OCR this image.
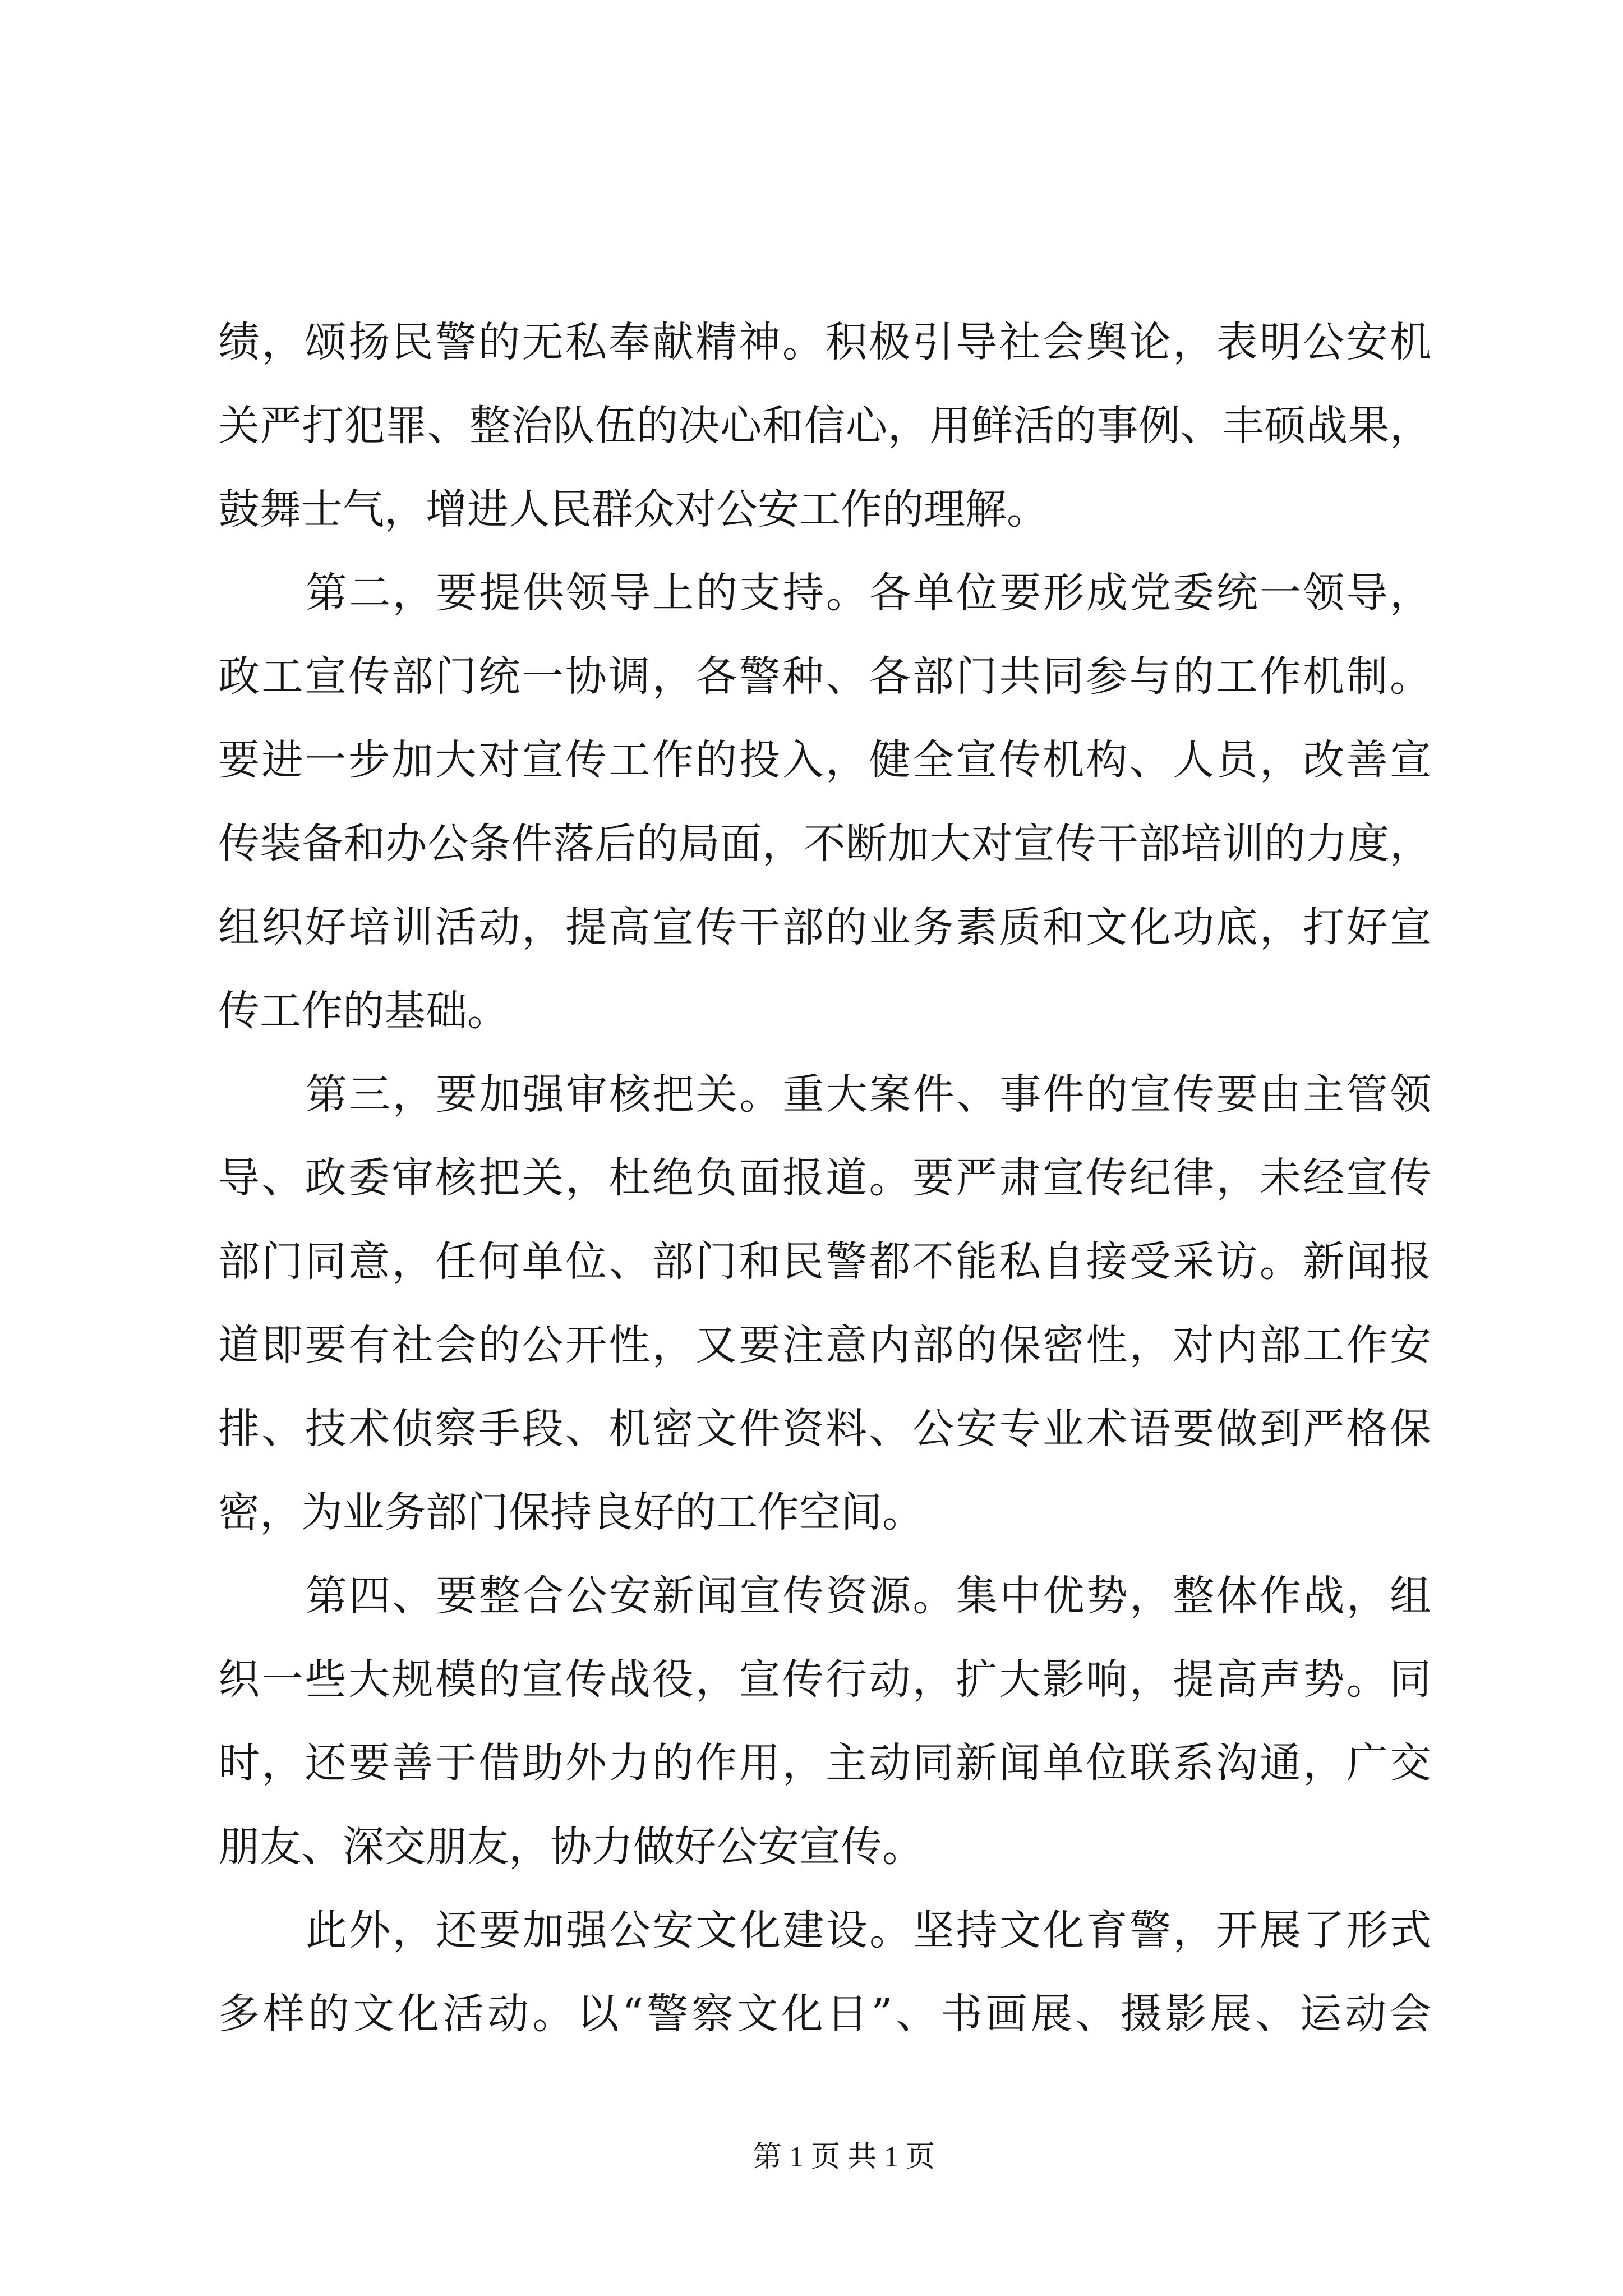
绩，颂扬民警的无私奉献精神。积极引导社会舆论，表明公安机
关严打犯罪、整治队伍的决心和信心，用鲜活的事例、丰硕战果，
鼓舞士气，增进人民群众对公安工作的理解。
第二，要提供领导上的支持。各单位要形成党委统一领导，
政工宣传部门统一协调，各警种、各部门共同参与的工作机制。
要进一步加大对宣传工作的投入，健全宣传机构、人员，改善宣
传装备和办公条件落后的局面，不断加大对宣传干部培训的力度，
组织好培训活动，提高宣传干部的业务素质和文化功底，打好宣
传工作的基础。
第三，要加强审核把关。重大案件、事件的宣传要由主管领
导、政委审核把关，杜绝负面报道。要严肃宣传纪律，未经宣传
部门同意，任何单位、部门和民警都不能私自接受采访。新闻报
道即要有社会的公开性，又要注意内部的保密性，对内部工作安
排、技术侦察手段、机密文件资料、公安专业术语要做到严格保
密，为业务部门保持良好的工作空间。
第四、要整合公安新闻宣传资源。集中优势，整体作战，组
织一些大规模的宣传战役，宣传行动，扩大影响，提高声势。同
时，还要善于借助外力的作用，主动同新闻单位联系沟通，广交
朋友、深交朋友，协力做好公安宣传。
此外，还要加强公安文化建设。坚持文化育警，开展了形式
多样的文化活动。以“警察文化日”、书画展、摄影展、运动会
第 1 页 共 1 页
